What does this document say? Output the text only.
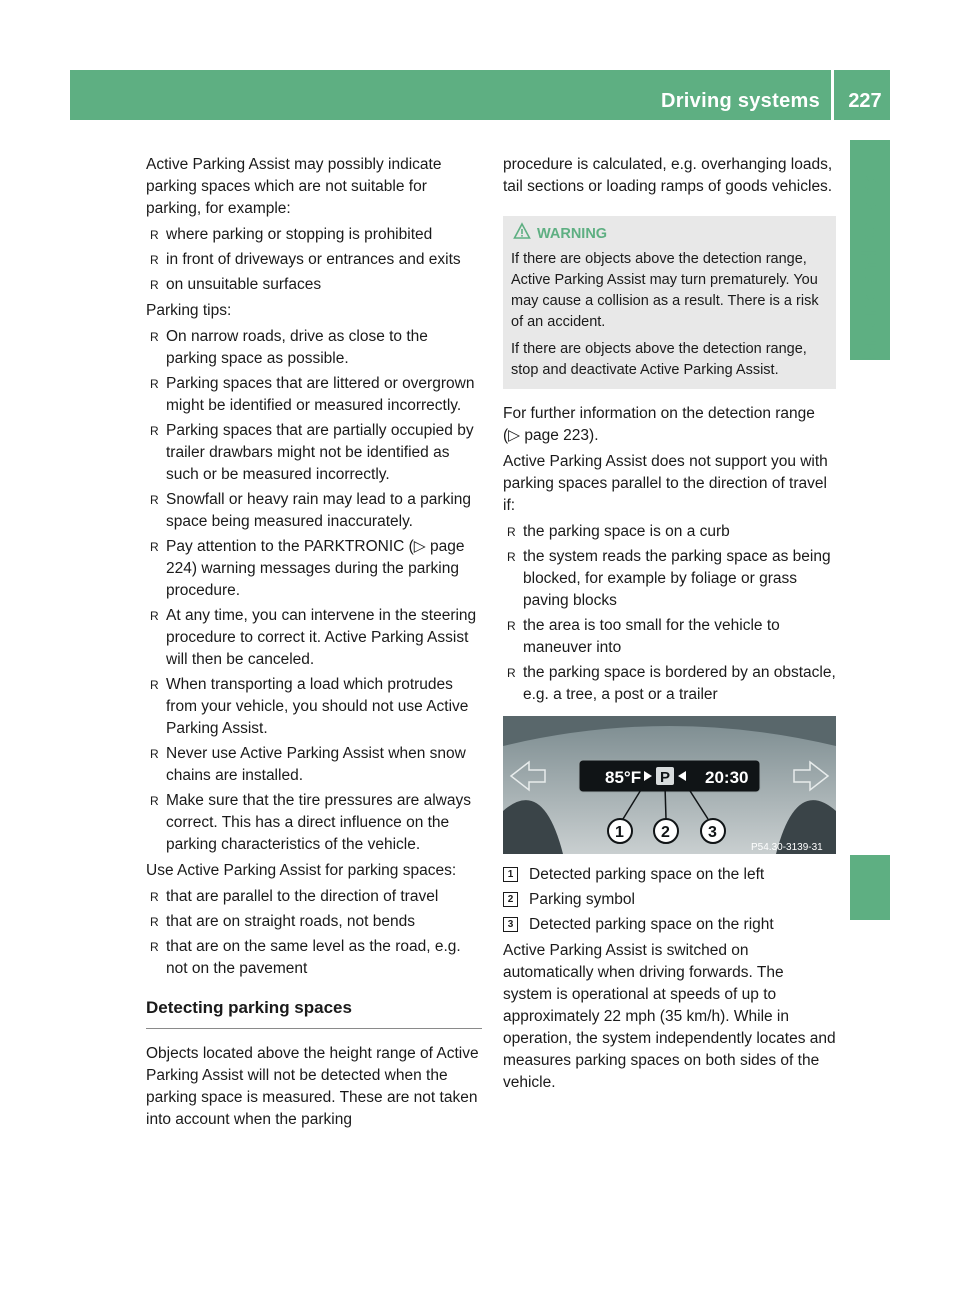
Driving systems	227
Driving and parking

Active Parking Assist may possibly indicate parking spaces which are not suitable for parking, for example:

R where parking or stopping is prohibited
R in front of driveways or entrances and exits
R on unsuitable surfaces

Parking tips:

R On narrow roads, drive as close to the parking space as possible.
R Parking spaces that are littered or overgrown might be identified or measured incorrectly.
R Parking spaces that are partially occupied by trailer drawbars might not be identified as such or be measured incorrectly.
R Snowfall or heavy rain may lead to a parking space being measured inaccurately.
R Pay attention to the PARKTRONIC (▷ page 224) warning messages during the parking procedure.
R At any time, you can intervene in the steering procedure to correct it. Active Parking Assist will then be canceled.
R When transporting a load which protrudes from your vehicle, you should not use Active Parking Assist.
R Never use Active Parking Assist when snow chains are installed.
R Make sure that the tire pressures are always correct. This has a direct influence on the parking characteristics of the vehicle.

Use Active Parking Assist for parking spaces:

R that are parallel to the direction of travel
R that are on straight roads, not bends
R that are on the same level as the road, e.g. not on the pavement
Detecting parking spaces

Objects located above the height range of Active Parking Assist will not be detected when the parking space is measured. These are not taken into account when the parking

procedure is calculated, e.g. overhanging loads, tail sections or loading ramps of goods vehicles.

WARNING

If there are objects above the detection range, Active Parking Assist may turn prematurely. You may cause a collision as a result. There is a risk of an accident.

If there are objects above the detection range, stop and deactivate Active Parking Assist.

For further information on the detection range (▷ page 223).

Active Parking Assist does not support you with parking spaces parallel to the direction of travel if:

R the parking space is on a curb
R the system reads the parking space as being blocked, for example by foliage or grass paving blocks
R the area is too small for the vehicle to maneuver into
R the parking space is bordered by an obstacle, e.g. a tree, a post or a trailer
85°F P 20:30
1 2 3
P54.30-3139-31
1	Detected parking space on the left
2	Parking symbol
3	Detected parking space on the right

Active Parking Assist is switched on automatically when driving forwards. The system is operational at speeds of up to approximately 22 mph (35 km/h). While in operation, the system independently locates and measures parking spaces on both sides of the vehicle.
